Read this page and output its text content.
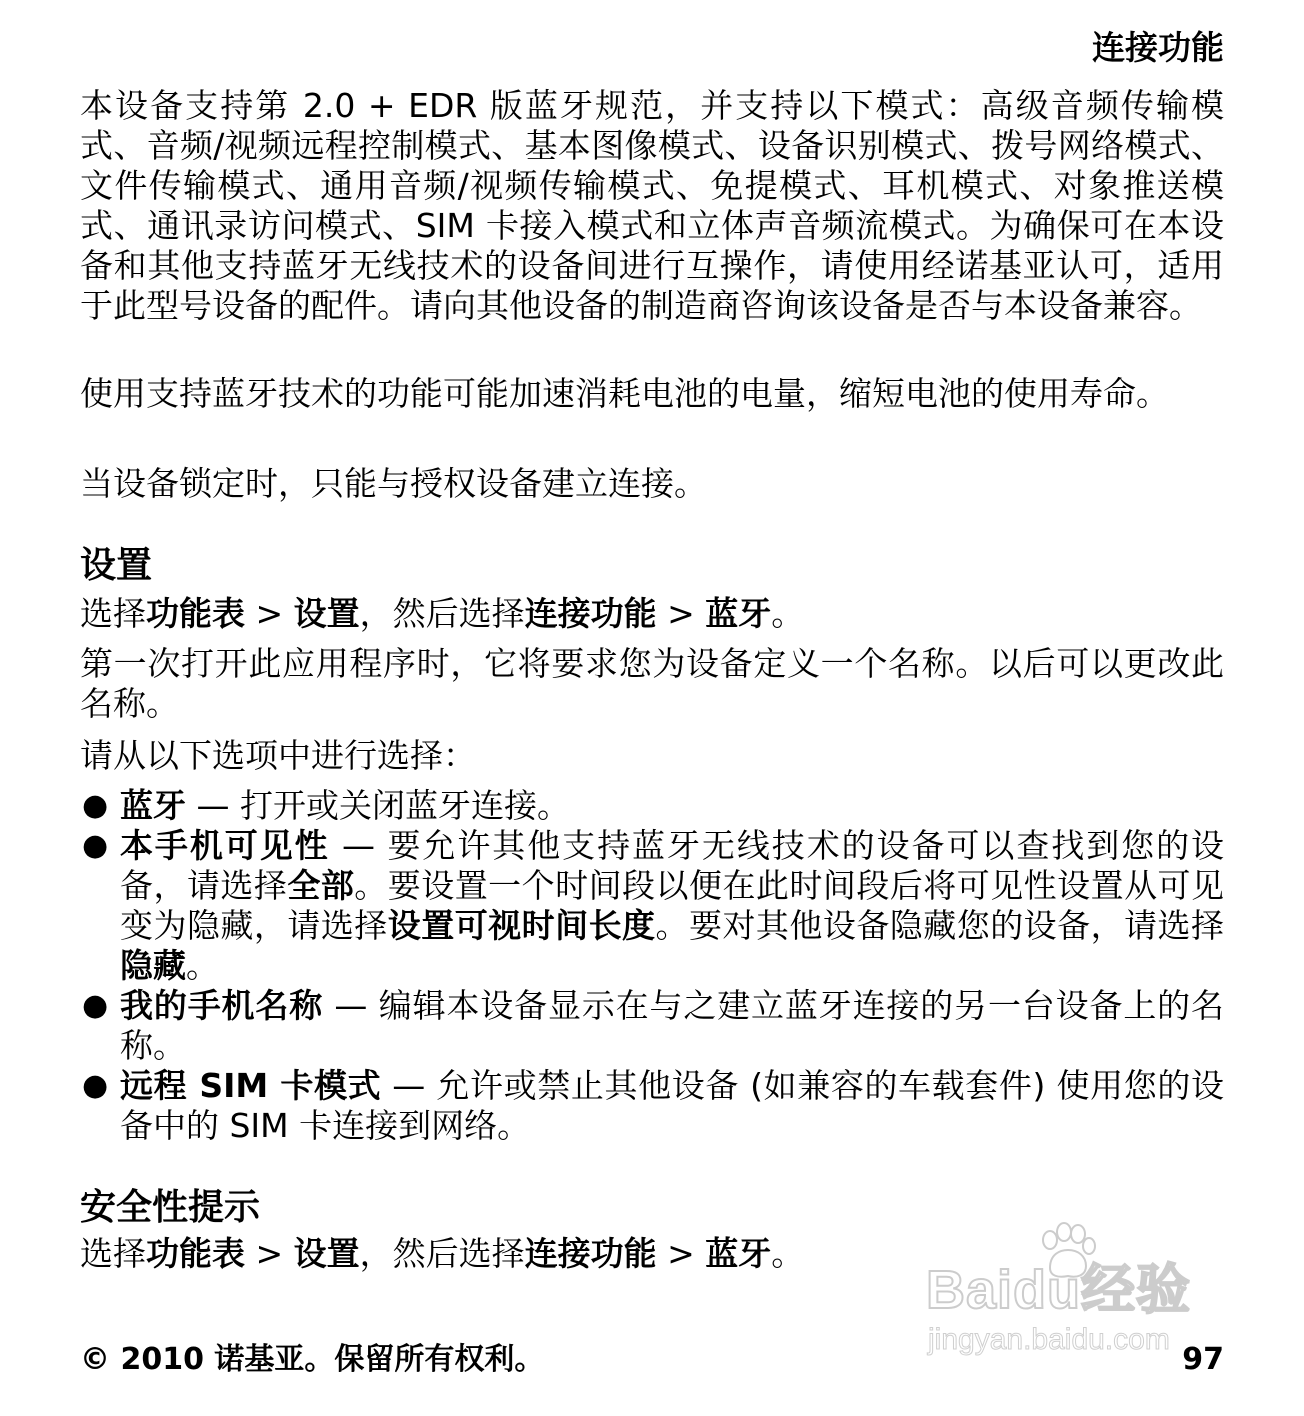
连接功能

本设备支持第 2.0 + EDR 版蓝牙规范，并支持以下模式：高级音频传输模式、音频/视频远程控制模式、基本图像模式、设备识别模式、拨号网络模式、文件传输模式、通用音频/视频传输模式、免提模式、耳机模式、对象推送模式、通讯录访问模式、SIM 卡接入模式和立体声音频流模式。为确保可在本设备和其他支持蓝牙无线技术的设备间进行互操作，请使用经诺基亚认可，适用于此型号设备的配件。请向其他设备的制造商咨询该设备是否与本设备兼容。

使用支持蓝牙技术的功能可能加速消耗电池的电量，缩短电池的使用寿命。

当设备锁定时，只能与授权设备建立连接。

设置
选择功能表 > 设置，然后选择连接功能 > 蓝牙。

第一次打开此应用程序时，它将要求您为设备定义一个名称。以后可以更改此名称。

请从以下选项中进行选择：

● 蓝牙 — 打开或关闭蓝牙连接。
● 本手机可见性 — 要允许其他支持蓝牙无线技术的设备可以查找到您的设备，请选择全部。要设置一个时间段以便在此时间段后将可见性设置从可见变为隐藏，请选择设置可视时间长度。要对其他设备隐藏您的设备，请选择隐藏。
● 我的手机名称 — 编辑本设备显示在与之建立蓝牙连接的另一台设备上的名称。
● 远程 SIM 卡模式 — 允许或禁止其他设备 (如兼容的车载套件) 使用您的设备中的 SIM 卡连接到网络。
安全性提示
选择功能表 > 设置，然后选择连接功能 > 蓝牙。
Baidu经验
jingyan.baidu.com
© 2010 诺基亚。保留所有权利。	97
